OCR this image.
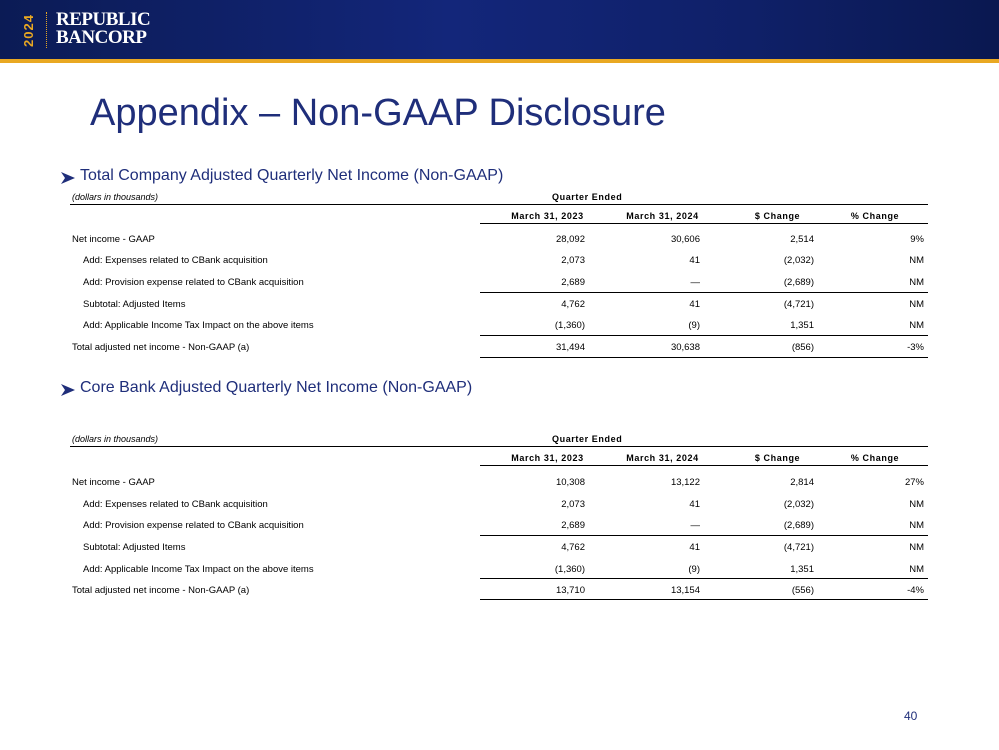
2024 REPUBLIC
BANCORP
Appendix – Non-GAAP Disclosure
Total Company Adjusted Quarterly Net Income (Non-GAAP)
(dollars in thousands)	Quarter Ended
March 31, 2023	March 31, 2024	$ Change	% Change
Net income - GAAP	28,092	30,606	2,514	9%
Add: Expenses related to CBank acquisition	2,073	41	(2,032)	NM
Add: Provision expense related to CBank acquisition	2,689	—	(2,689)	NM
Subtotal: Adjusted Items	4,762	41	(4,721)	NM
Add: Applicable Income Tax Impact on the above items	(1,360)	(9)	1,351	NM
Total adjusted net income - Non-GAAP (a)	31,494	30,638	(856)	-3%
Core Bank Adjusted Quarterly Net Income (Non-GAAP)
(dollars in thousands)	Quarter Ended
March 31, 2023	March 31, 2024	$ Change	% Change
Net income - GAAP	10,308	13,122	2,814	27%
Add: Expenses related to CBank acquisition	2,073	41	(2,032)	NM
Add: Provision expense related to CBank acquisition	2,689	—	(2,689)	NM
Subtotal: Adjusted Items	4,762	41	(4,721)	NM
Add: Applicable Income Tax Impact on the above items	(1,360)	(9)	1,351	NM
Total adjusted net income - Non-GAAP (a)	13,710	13,154	(556)	-4%
40
